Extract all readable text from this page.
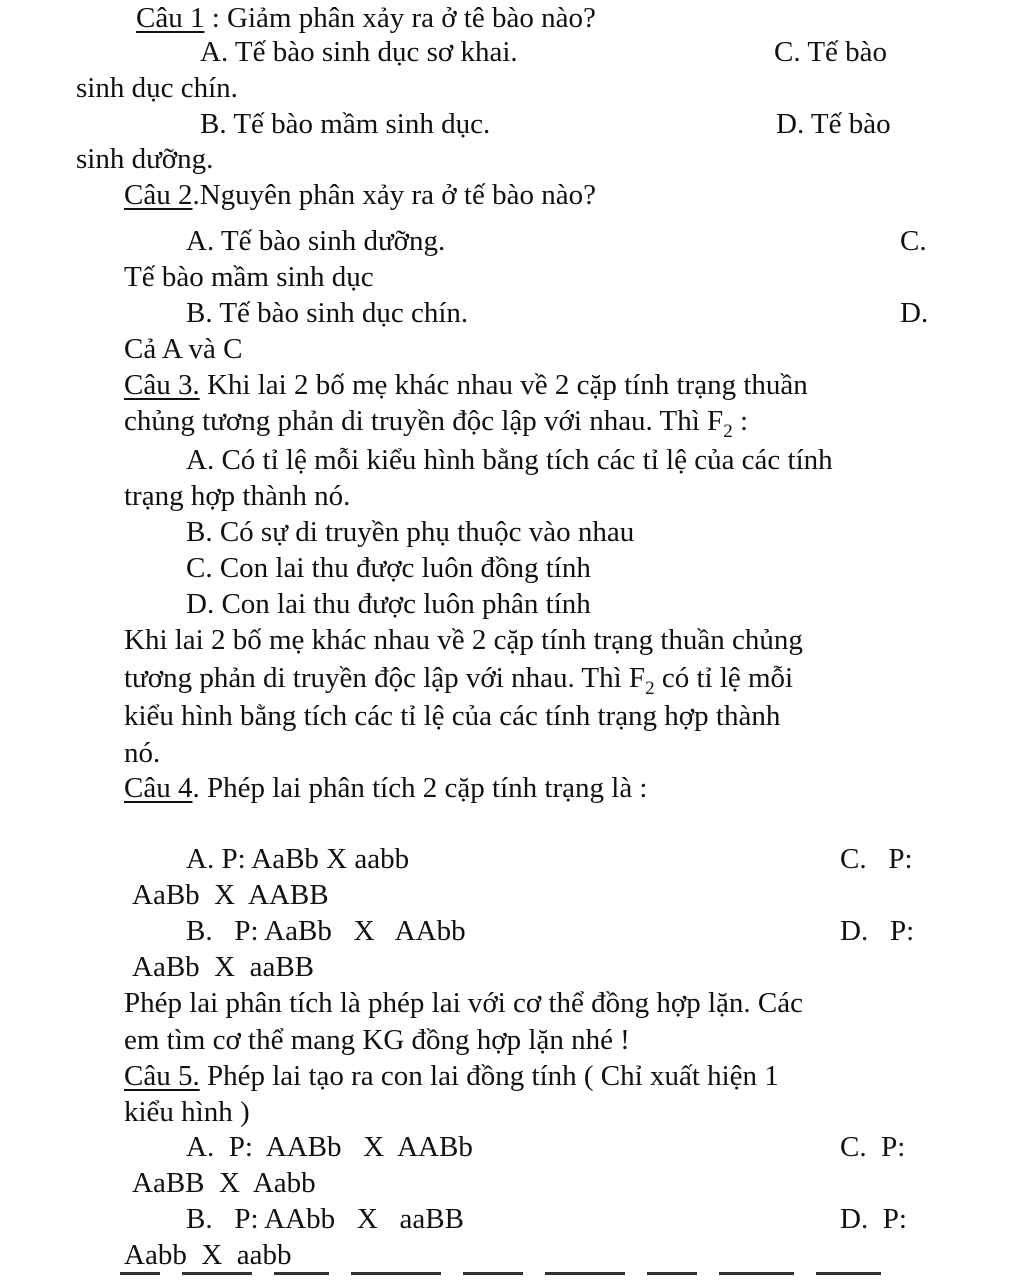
Câu 1 : Giảm phân xảy ra ở tê bào nào?
A. Tế bào sinh dục sơ khai.	C. Tế bào
sinh dục chín.
B. Tế bào mầm sinh dục.	D. Tế bào
sinh dưỡng.
Câu 2.Nguyên phân xảy ra ở tế bào nào?
A. Tế bào sinh dưỡng.	C.
Tế bào mầm sinh dục
B. Tế bào sinh dục chín.	D.
Cả A và C
Câu 3. Khi lai 2 bố mẹ khác nhau về 2 cặp tính trạng thuần
chủng tương phản di truyền độc lập với nhau. Thì $F_2$ :
A. Có tỉ lệ mỗi kiểu hình bằng tích các tỉ lệ của các tính
trạng hợp thành nó.
B. Có sự di truyền phụ thuộc vào nhau
C. Con lai thu được luôn đồng tính
D. Con lai thu được luôn phân tính
Khi lai 2 bố mẹ khác nhau về 2 cặp tính trạng thuần chủng
tương phản di truyền độc lập với nhau. Thì $F_2$ có tỉ lệ mỗi
kiểu hình bằng tích các tỉ lệ của các tính trạng hợp thành
nó.
Câu 4. Phép lai phân tích 2 cặp tính trạng là :
A. P: AaBb X aabb	C.   P:
AaBb  X  AABB
B.   P: AaBb   X   AAbb	D.   P:
AaBb  X  aaBB
Phép lai phân tích là phép lai với cơ thể đồng hợp lặn. Các
em tìm cơ thể mang KG đồng hợp lặn nhé !
Câu 5. Phép lai tạo ra con lai đồng tính ( Chỉ xuất hiện 1
kiểu hình )
A.  P:  AABb   X  AABb	C.  P:
AaBB  X  Aabb
B.   P: AAbb   X   aaBB	D.  P:
Aabb  X  aabb
